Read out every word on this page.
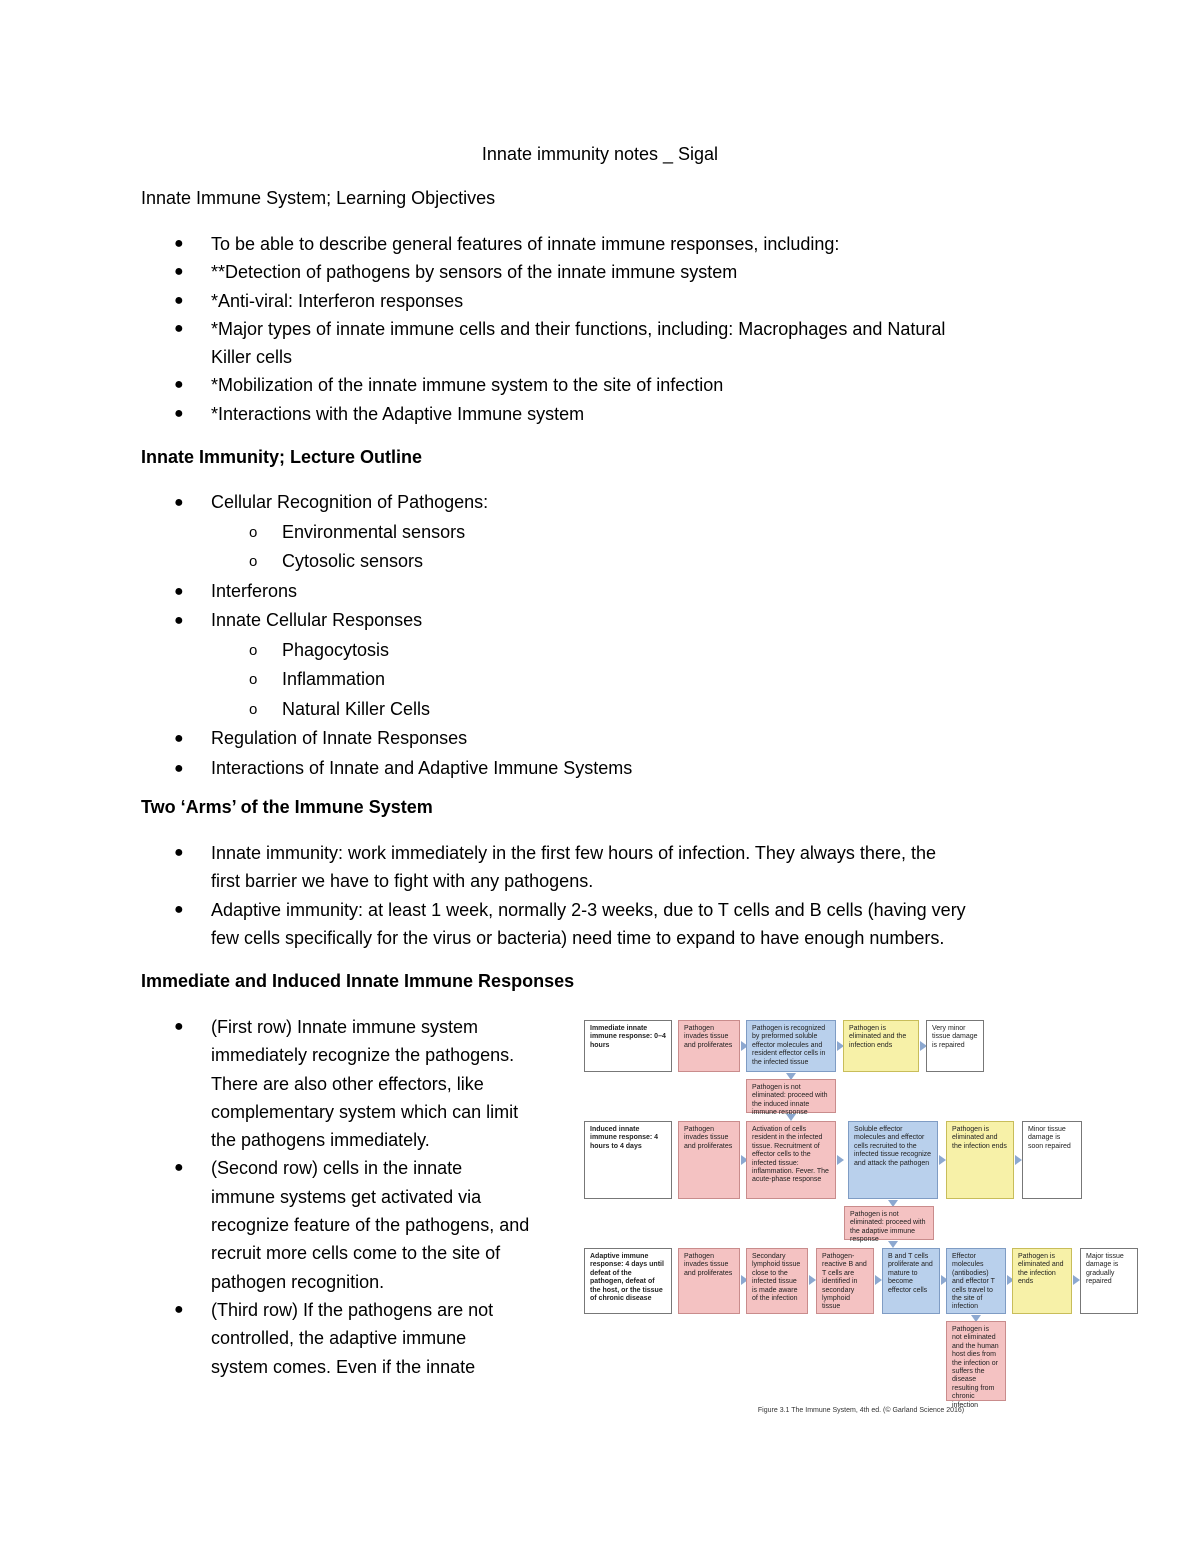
Innate immunity notes _ Sigal
Innate Immune System; Learning Objectives
● To be able to describe general features of innate immune responses, including:
● **Detection of pathogens by sensors of the innate immune system
● *Anti-viral: Interferon responses
● *Major types of innate immune cells and their functions, including: Macrophages and Natural
Killer cells
● *Mobilization of the innate immune system to the site of infection
● *Interactions with the Adaptive Immune system
Innate Immunity; Lecture Outline
● Cellular Recognition of Pathogens:
o Environmental sensors
o Cytosolic sensors
● Interferons
● Innate Cellular Responses
o Phagocytosis
o Inflammation
o Natural Killer Cells
● Regulation of Innate Responses
● Interactions of Innate and Adaptive Immune Systems
Two ‘Arms’ of the Immune System
● Innate immunity: work immediately in the first few hours of infection. They always there, the
first barrier we have to fight with any pathogens.
● Adaptive immunity: at least 1 week, normally 2-3 weeks, due to T cells and B cells (having very
few cells specifically for the virus or bacteria) need time to expand to have enough numbers.
Immediate and Induced Innate Immune Responses
● (First row) Innate immune system
immediately recognize the pathogens.
There are also other effectors, like
complementary system which can limit
the pathogens immediately.
● (Second row) cells in the innate
immune systems get activated via
recognize feature of the pathogens, and
recruit more cells come to the site of
pathogen recognition.
● (Third row) If the pathogens are not
controlled, the adaptive immune
system comes. Even if the innate
Immediate innate immune response: 0–4 hours
Pathogen invades tissue and proliferates
Pathogen is recognized by preformed soluble effector molecules and resident effector cells in the infected tissue
Pathogen is eliminated and the infection ends
Very minor tissue damage is repaired
Pathogen is not eliminated: proceed with the induced innate immune response
Induced innate immune response: 4 hours to 4 days
Pathogen invades tissue and proliferates
Activation of cells resident in the infected tissue. Recruitment of effector cells to the infected tissue: inflammation. Fever. The acute-phase response
Soluble effector molecules and effector cells recruited to the infected tissue recognize and attack the pathogen
Pathogen is eliminated and the infection ends
Minor tissue damage is soon repaired
Pathogen is not eliminated: proceed with the adaptive immune response
Adaptive immune response: 4 days until defeat of the pathogen, defeat of the host, or the tissue of chronic disease
Pathogen invades tissue and proliferates
Secondary lymphoid tissue close to the infected tissue is made aware of the infection
Pathogen-reactive B and T cells are identified in secondary lymphoid tissue
B and T cells proliferate and mature to become effector cells
Effector molecules (antibodies) and effector T cells travel to the site of infection
Pathogen is eliminated and the infection ends
Major tissue damage is gradually repaired
Pathogen is not eliminated and the human host dies from the infection or suffers the disease resulting from chronic infection
Figure 3.1 The Immune System, 4th ed. (© Garland Science 2016)
